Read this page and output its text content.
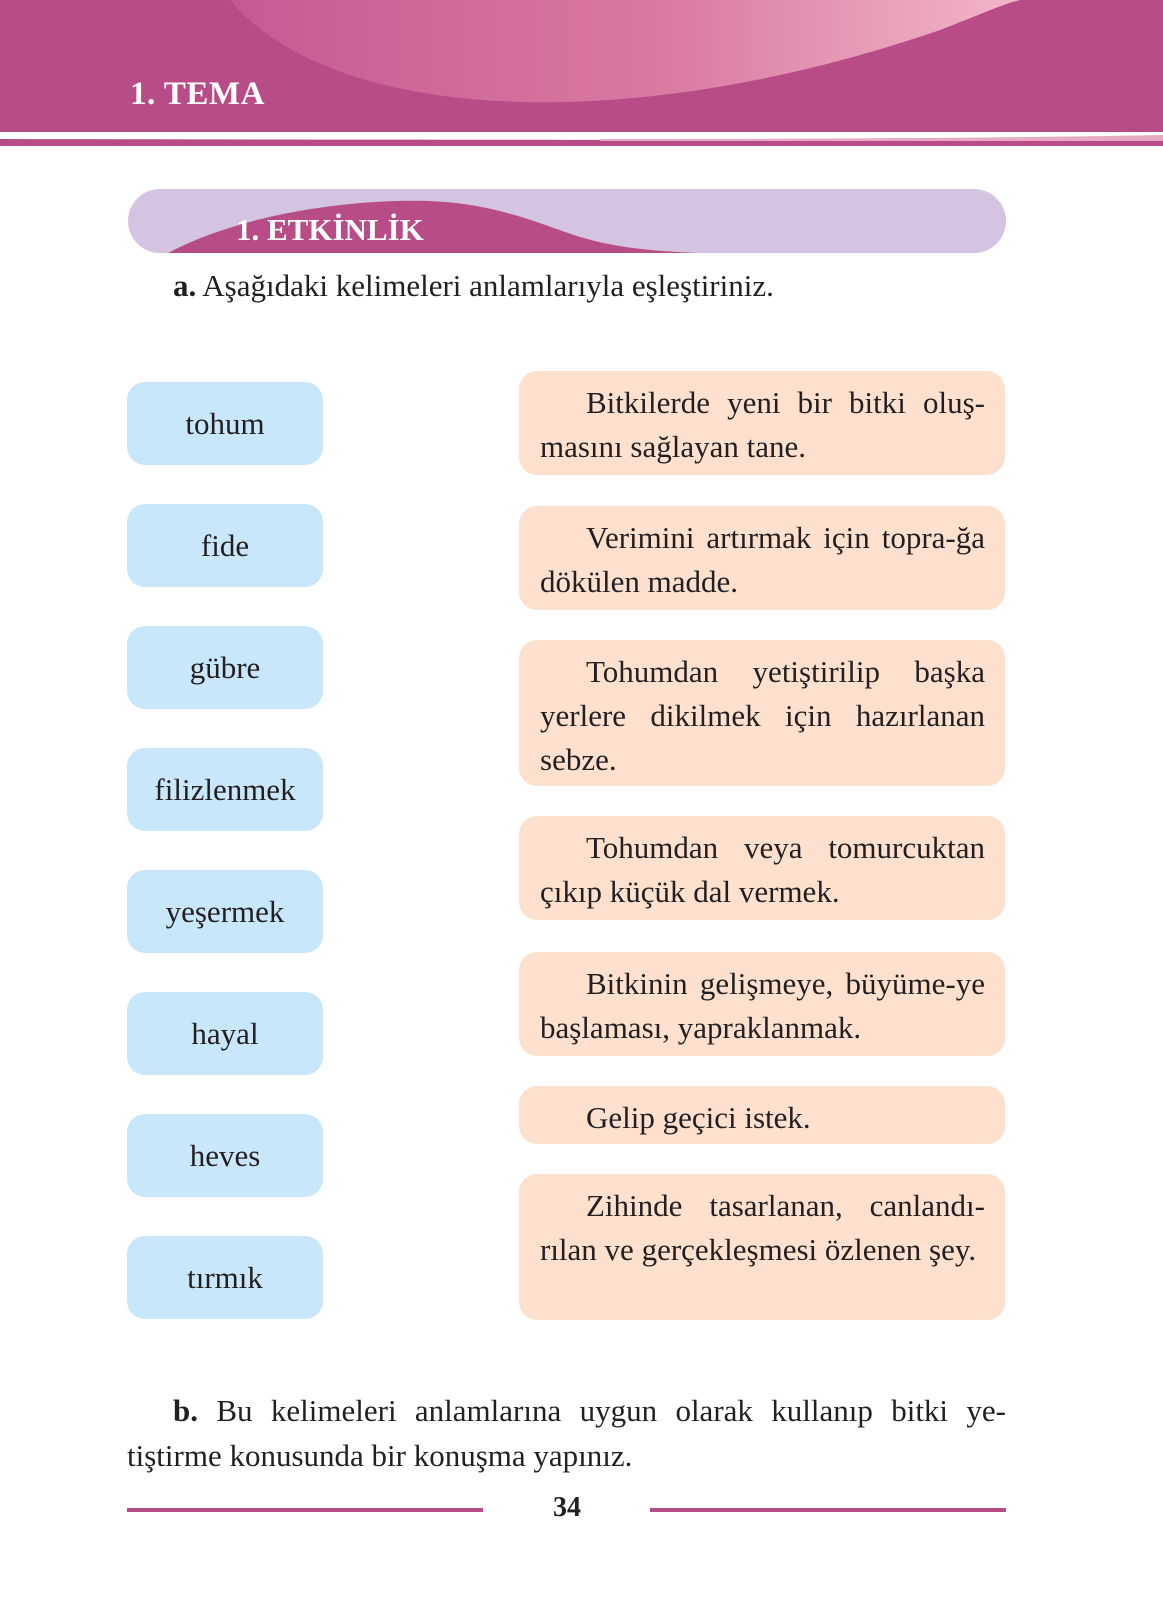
1. TEMA
1. ETKİNLİK
a. Aşağıdaki kelimeleri anlamlarıyla eşleştiriniz.
tohum
fide
gübre
filizlenmek
yeşermek
hayal
heves
tırmık
Bitkilerde yeni bir bitki oluş-masını sağlayan tane.
Verimini artırmak için topra-ğa dökülen madde.
Tohumdan yetiştirilip başka yerlere dikilmek için hazırlanan sebze.
Tohumdan veya tomurcuktan çıkıp küçük dal vermek.
Bitkinin gelişmeye, büyüme-ye başlaması, yapraklanmak.
Gelip geçici istek.
Zihinde tasarlanan, canlandı-rılan ve gerçekleşmesi özlenen şey.
b. Bu kelimeleri anlamlarına uygun olarak kullanıp bitki ye-tiştirme konusunda bir konuşma yapınız.
34
